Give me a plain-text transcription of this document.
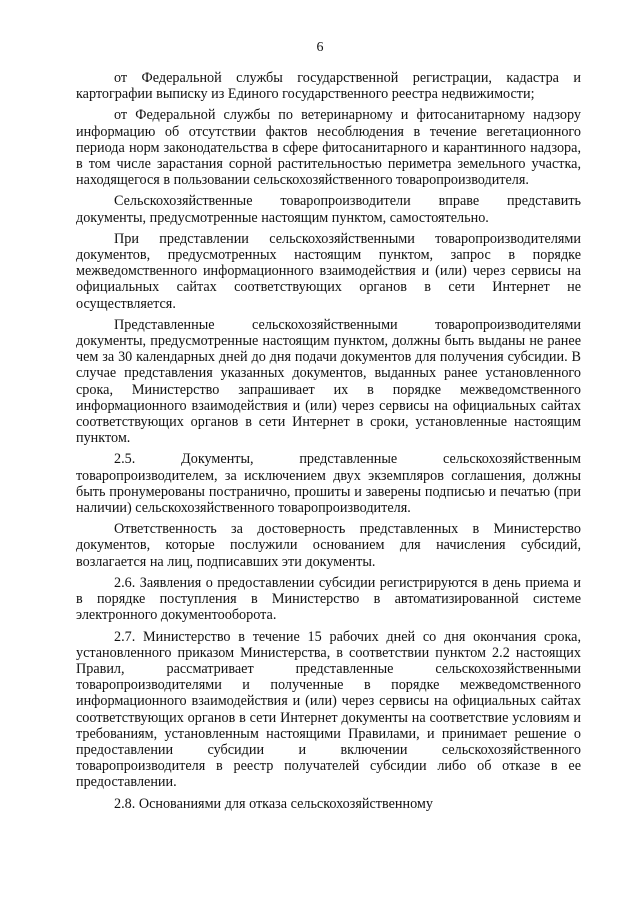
6

от Федеральной службы государственной регистрации, кадастра и картографии выписку из Единого государственного реестра недвижимости;

от Федеральной службы по ветеринарному и фитосанитарному надзору информацию об отсутствии фактов несоблюдения в течение вегетационного периода норм законодательства в сфере фитосанитарного и карантинного надзора, в том числе зарастания сорной растительностью периметра земельного участка, находящегося в пользовании сельскохозяйственного товаропроизводителя.

Сельскохозяйственные товаропроизводители вправе представить документы, предусмотренные настоящим пунктом, самостоятельно.

При представлении сельскохозяйственными товаропроизводителями документов, предусмотренных настоящим пунктом, запрос в порядке межведомственного информационного взаимодействия и (или) через сервисы на официальных сайтах соответствующих органов в сети Интернет не осуществляется.

Представленные сельскохозяйственными товаропроизводителями документы, предусмотренные настоящим пунктом, должны быть выданы не ранее чем за 30 календарных дней до дня подачи документов для получения субсидии. В случае представления указанных документов, выданных ранее установленного срока, Министерство запрашивает их в порядке межведомственного информационного взаимодействия и (или) через сервисы на официальных сайтах соответствующих органов в сети Интернет в сроки, установленные настоящим пунктом.

2.5. Документы, представленные сельскохозяйственным товаропроизводителем, за исключением двух экземпляров соглашения, должны быть пронумерованы постранично, прошиты и заверены подписью и печатью (при наличии) сельскохозяйственного товаропроизводителя.

Ответственность за достоверность представленных в Министерство документов, которые послужили основанием для начисления субсидий, возлагается на лиц, подписавших эти документы.

2.6. Заявления о предоставлении субсидии регистрируются в день приема и в порядке поступления в Министерство в автоматизированной системе электронного документооборота.

2.7. Министерство в течение 15 рабочих дней со дня окончания срока, установленного приказом Министерства, в соответствии пунктом 2.2 настоящих Правил, рассматривает представленные сельскохозяйственными товаропроизводителями и полученные в порядке межведомственного информационного взаимодействия и (или) через сервисы на официальных сайтах соответствующих органов в сети Интернет документы на соответствие условиям и требованиям, установленным настоящими Правилами, и принимает решение о предоставлении субсидии и включении сельскохозяйственного товаропроизводителя в реестр получателей субсидии либо об отказе в ее предоставлении.

2.8. Основаниями для отказа сельскохозяйственному
